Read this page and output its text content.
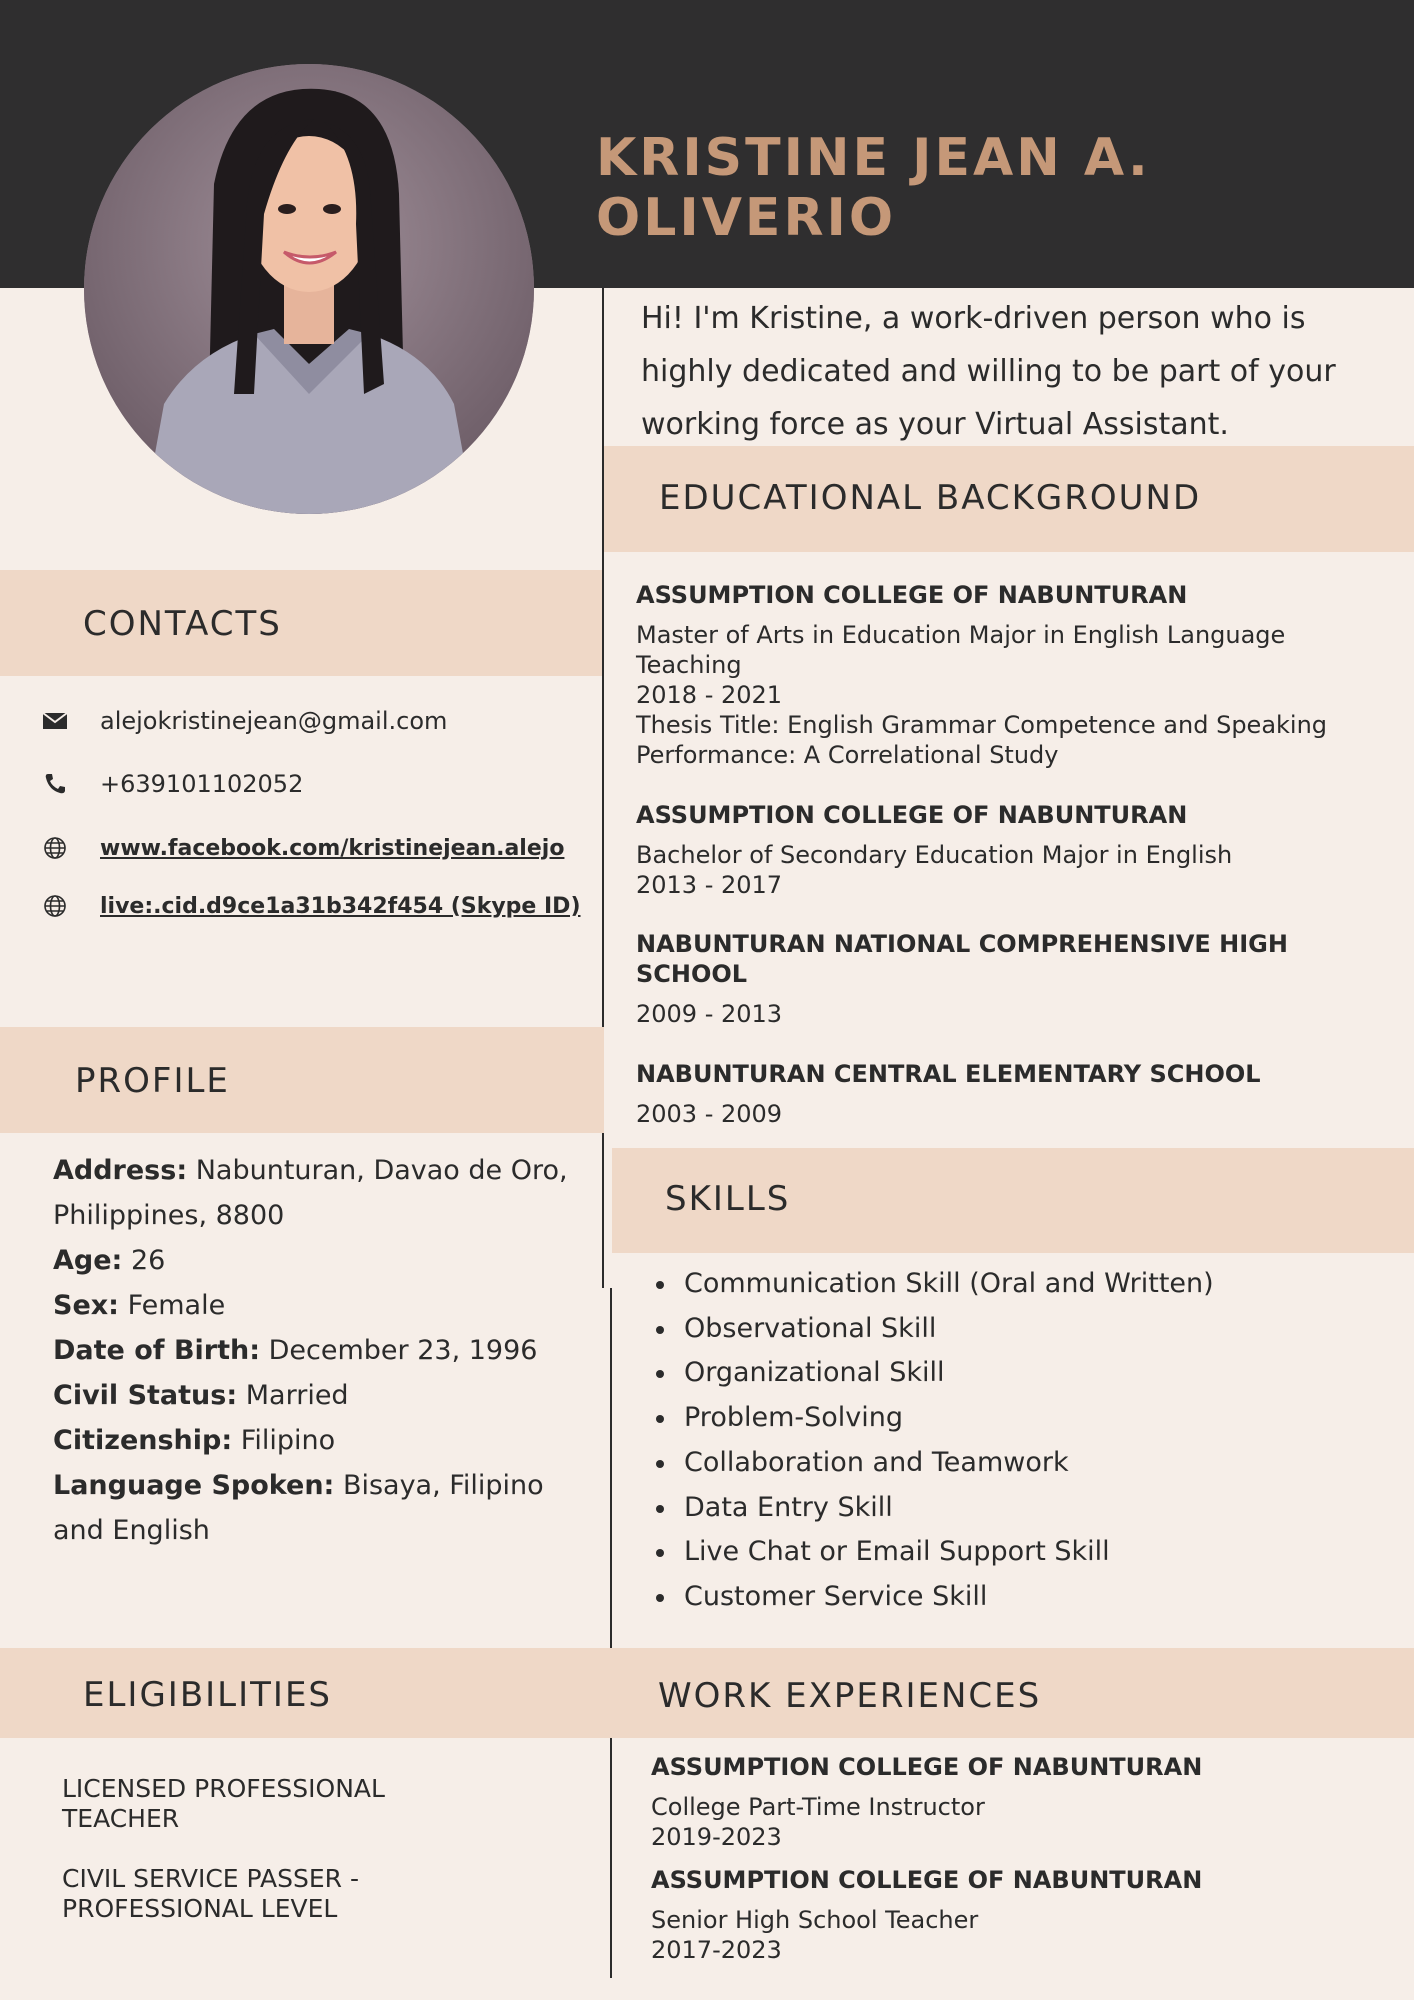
KRISTINE JEAN A. OLIVERIO
Hi! I'm Kristine, a work-driven person who is highly dedicated and willing to be part of your working force as your Virtual Assistant.
CONTACTS
alejokristinejean@gmail.com
+639101102052
www.facebook.com/kristinejean.alejo
live:.cid.d9ce1a31b342f454 (Skype ID)
PROFILE
Address: Nabunturan, Davao de Oro, Philippines, 8800
Age: 26
Sex: Female
Date of Birth: December 23, 1996
Civil Status: Married
Citizenship: Filipino
Language Spoken: Bisaya, Filipino and English
ELIGIBILITIES
LICENSED PROFESSIONAL TEACHER
CIVIL SERVICE PASSER - PROFESSIONAL LEVEL
EDUCATIONAL BACKGROUND
ASSUMPTION COLLEGE OF NABUNTURAN
Master of Arts in Education Major in English Language Teaching
2018 - 2021
Thesis Title: English Grammar Competence and Speaking Performance: A Correlational Study
ASSUMPTION COLLEGE OF NABUNTURAN
Bachelor of Secondary Education Major in English
2013 - 2017
NABUNTURAN NATIONAL COMPREHENSIVE HIGH SCHOOL
2009 - 2013
NABUNTURAN CENTRAL ELEMENTARY SCHOOL
2003 - 2009
SKILLS
Communication Skill (Oral and Written)
Observational Skill
Organizational Skill
Problem-Solving
Collaboration and Teamwork
Data Entry Skill
Live Chat or Email Support Skill
Customer Service Skill
WORK EXPERIENCES
ASSUMPTION COLLEGE OF NABUNTURAN
College Part-Time Instructor
2019-2023
ASSUMPTION COLLEGE OF NABUNTURAN
Senior High School Teacher
2017-2023
